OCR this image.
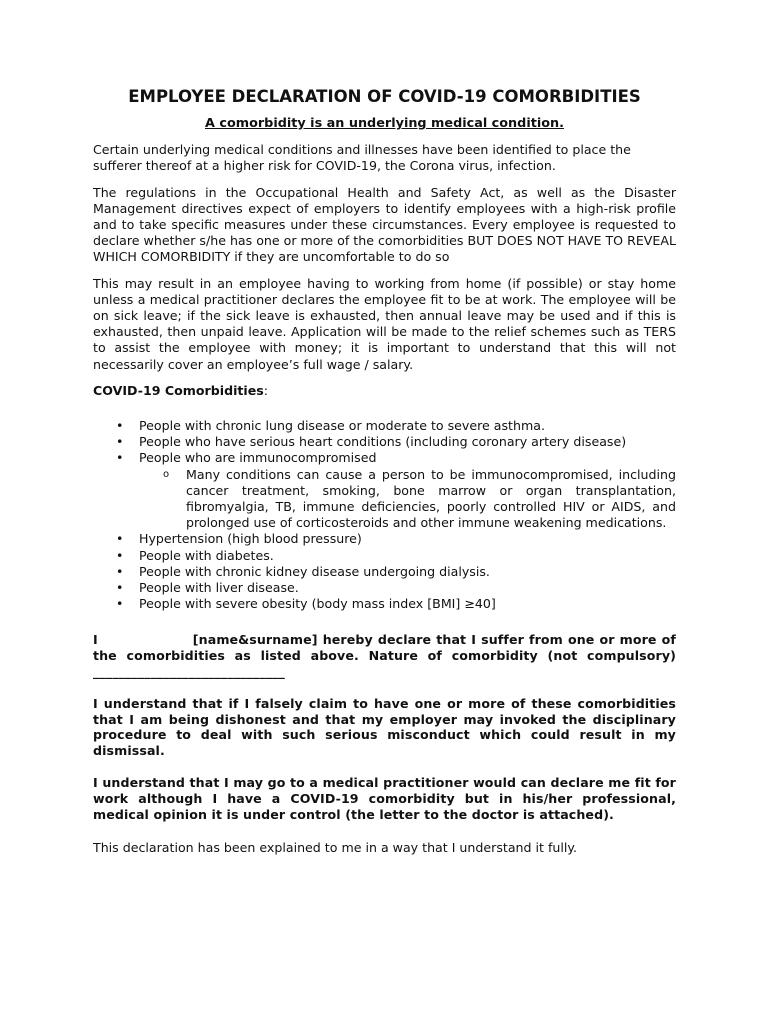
EMPLOYEE DECLARATION OF COVID-19 COMORBIDITIES
A comorbidity is an underlying medical condition.

Certain underlying medical conditions and illnesses have been identified to place the sufferer thereof at a higher risk for COVID-19, the Corona virus, infection.

The regulations in the Occupational Health and Safety Act, as well as the Disaster Management directives expect of employers to identify employees with a high-risk profile and to take specific measures under these circumstances. Every employee is requested to declare whether s/he has one or more of the comorbidities BUT DOES NOT HAVE TO REVEAL WHICH COMORBIDITY if they are uncomfortable to do so

This may result in an employee having to working from home (if possible) or stay home unless a medical practitioner declares the employee fit to be at work. The employee will be on sick leave; if the sick leave is exhausted, then annual leave may be used and if this is exhausted, then unpaid leave. Application will be made to the relief schemes such as TERS to assist the employee with money; it is important to understand that this will not necessarily cover an employee’s full wage / salary.

COVID-19 Comorbidities:

• People with chronic lung disease or moderate to severe asthma.
• People who have serious heart conditions (including coronary artery disease)
• People who are immunocompromised
o Many conditions can cause a person to be immunocompromised, including cancer treatment, smoking, bone marrow or organ transplantation, fibromyalgia, TB, immune deficiencies, poorly controlled HIV or AIDS, and prolonged use of corticosteroids and other immune weakening medications.
• Hypertension (high blood pressure)
• People with diabetes.
• People with chronic kidney disease undergoing dialysis.
• People with liver disease.
• People with severe obesity (body mass index [BMI] ≥40]

I	[name&surname] hereby declare that I suffer from one or more of the comorbidities as listed above. Nature of comorbidity (not compulsory) ______________________________

I understand that if I falsely claim to have one or more of these comorbidities that I am being dishonest and that my employer may invoked the disciplinary procedure to deal with such serious misconduct which could result in my dismissal.

I understand that I may go to a medical practitioner would can declare me fit for work although I have a COVID-19 comorbidity but in his/her professional, medical opinion it is under control (the letter to the doctor is attached).

This declaration has been explained to me in a way that I understand it fully.
